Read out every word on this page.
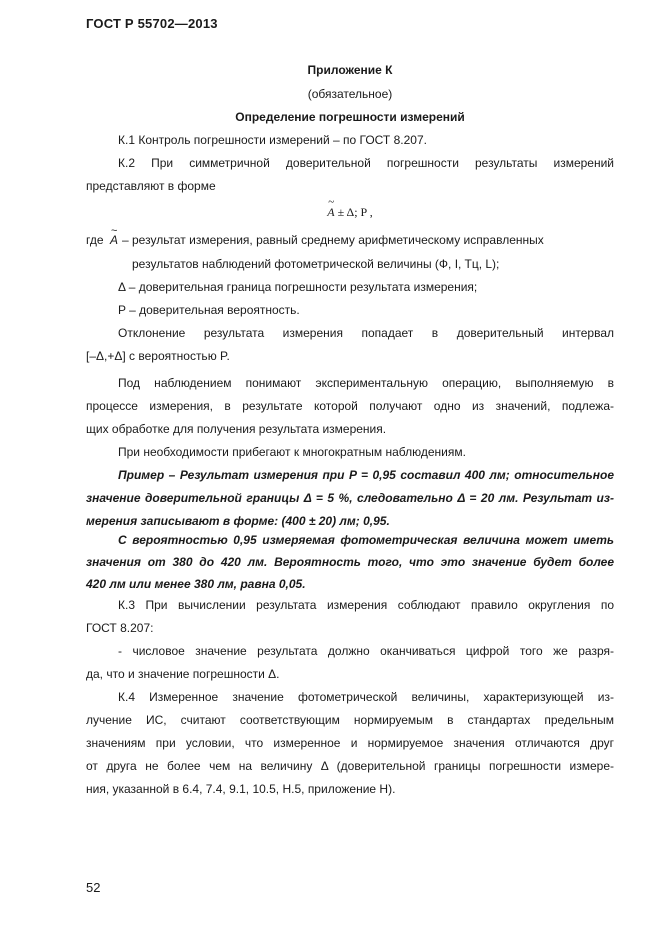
ГОСТ Р 55702—2013
Приложение К
(обязательное)
Определение погрешности измерений
К.1 Контроль погрешности измерений – по ГОСТ 8.207.
К.2 При симметричной доверительной погрешности результаты измерений
представляют в форме
~ A ± Δ; P ,
где
~ A – результат измерения, равный среднему арифметическому исправленных
результатов наблюдений фотометрической величины (Ф, I, Tц, L);
Δ – доверительная граница погрешности результата измерения;
P – доверительная вероятность.
Отклонение результата измерения попадает в доверительный интервал
[–Δ,+Δ] с вероятностью P.
Под наблюдением понимают экспериментальную операцию, выполняемую в
процессе измерения, в результате которой получают одно из значений, подлежа-
щих обработке для получения результата измерения.
При необходимости прибегают к многократным наблюдениям.
Пример – Результат измерения при P = 0,95 составил 400 лм; относительное
значение доверительной границы Δ = 5 %, следовательно Δ = 20 лм. Результат из-
мерения записывают в форме: (400 ± 20) лм; 0,95.
С вероятностью 0,95 измеряемая фотометрическая величина может иметь
значения от 380 до 420 лм. Вероятность того, что это значение будет более
420 лм или менее 380 лм, равна 0,05.
К.3 При вычислении результата измерения соблюдают правило округления по
ГОСТ 8.207:
- числовое значение результата должно оканчиваться цифрой того же разря-
да, что и значение погрешности Δ.
К.4 Измеренное значение фотометрической величины, характеризующей из-
лучение ИС, считают соответствующим нормируемым в стандартах предельным
значениям при условии, что измеренное и нормируемое значения отличаются друг
от друга не более чем на величину Δ (доверительной границы погрешности измере-
ния, указанной в 6.4, 7.4, 9.1, 10.5, Н.5, приложение Н).
52
